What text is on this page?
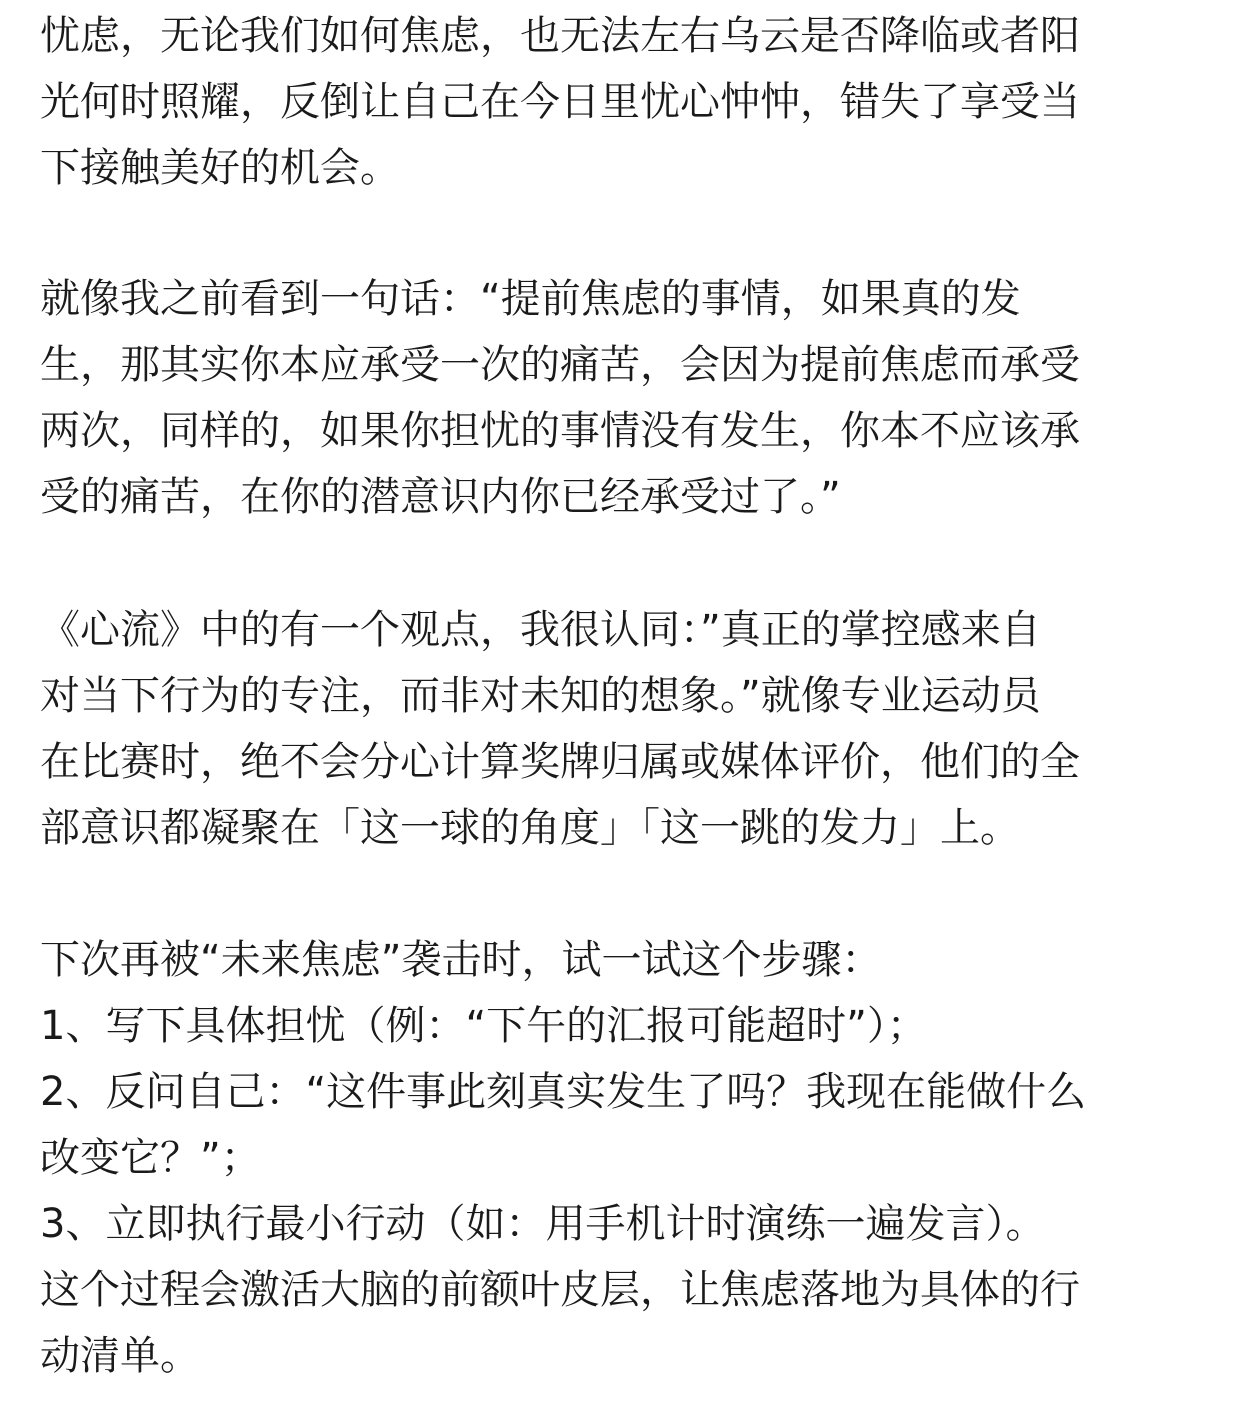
忧虑，无论我们如何焦虑，也无法左右乌云是否降临或者阳
光何时照耀，反倒让自己在今日里忧心忡忡，错失了享受当
下接触美好的机会。
就像我之前看到一句话：“提前焦虑的事情，如果真的发
生，那其实你本应承受一次的痛苦，会因为提前焦虑而承受
两次，同样的，如果你担忧的事情没有发生，你本不应该承
受的痛苦，在你的潜意识内你已经承受过了。”
《心流》中的有一个观点，我很认同：”真正的掌控感来自
对当下行为的专注，而非对未知的想象。”就像专业运动员
在比赛时，绝不会分心计算奖牌归属或媒体评价，他们的全
部意识都凝聚在「这一球的角度」「这一跳的发力」上。
下次再被“未来焦虑”袭击时，试一试这个步骤：
1、写下具体担忧（例：“下午的汇报可能超时”）；
2、反问自己：“这件事此刻真实发生了吗？我现在能做什么
改变它？”；
3、立即执行最小行动（如：用手机计时演练一遍发言）。
这个过程会激活大脑的前额叶皮层，让焦虑落地为具体的行
动清单。
